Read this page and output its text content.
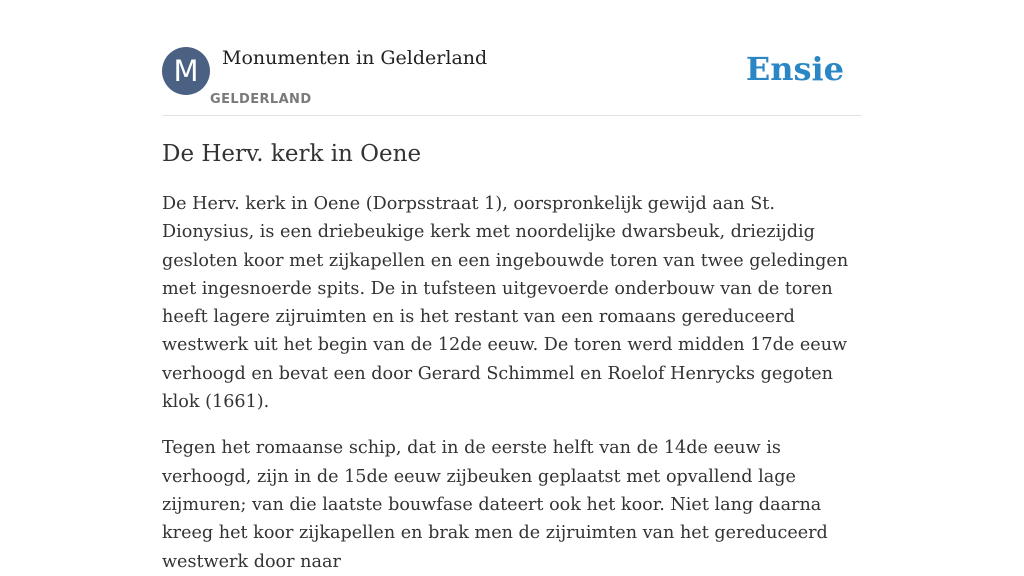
M	Monumenten in Gelderland
GELDERLAND
Ensie
De Herv. kerk in Oene

De Herv. kerk in Oene (Dorpsstraat 1), oorspronkelijk gewijd aan St. Dionysius, is een driebeukige kerk met noordelijke dwarsbeuk, driezijdig gesloten koor met zijkapellen en een ingebouwde toren van twee geledingen met ingesnoerde spits. De in tufsteen uitgevoerde onderbouw van de toren heeft lagere zijruimten en is het restant van een romaans gereduceerd westwerk uit het begin van de 12de eeuw. De toren werd midden 17de eeuw verhoogd en bevat een door Gerard Schimmel en Roelof Henrycks gegoten klok (1661).

Tegen het romaanse schip, dat in de eerste helft van de 14de eeuw is verhoogd, zijn in de 15de eeuw zijbeuken geplaatst met opvallend lage zijmuren; van die laatste bouwfase dateert ook het koor. Niet lang daarna kreeg het koor zijkapellen en brak men de zijruimten van het gereduceerd westwerk door naar
